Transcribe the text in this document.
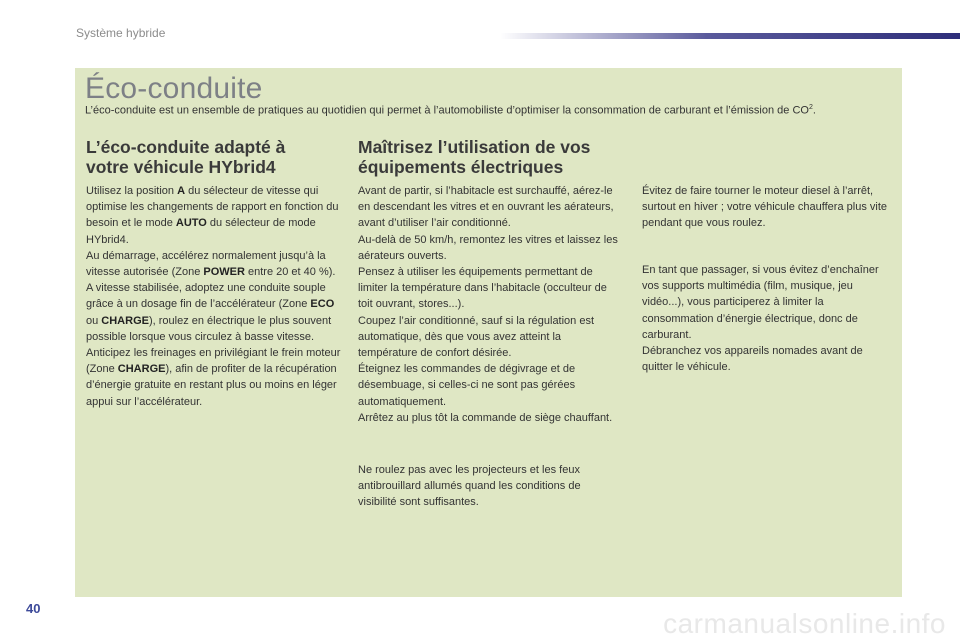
Système hybride
Éco-conduite
L’éco-conduite est un ensemble de pratiques au quotidien qui permet à l’automobiliste d’optimiser la consommation de carburant et l’émission de $CO^2$.
L’éco-conduite adapté à
votre véhicule HYbrid4

Utilisez la position A du sélecteur de vitesse qui optimise les changements de rapport en fonction du besoin et le mode AUTO du sélecteur de mode HYbrid4.

Au démarrage, accélérez normalement jusqu’à la vitesse autorisée (Zone POWER entre 20 et 40 %).

A vitesse stabilisée, adoptez une conduite souple grâce à un dosage fin de l’accélérateur (Zone ECO ou CHARGE), roulez en électrique le plus souvent possible lorsque vous circulez à basse vitesse.

Anticipez les freinages en privilégiant le frein moteur (Zone CHARGE), afin de profiter de la récupération d’énergie gratuite en restant plus ou moins en léger appui sur l’accélérateur.

Maîtrisez l’utilisation de vos
équipements électriques

Avant de partir, si l’habitacle est surchauffé, aérez-le en descendant les vitres et en ouvrant les aérateurs, avant d’utiliser l’air conditionné.

Au-delà de 50 km/h, remontez les vitres et laissez les aérateurs ouverts.

Pensez à utiliser les équipements permettant de limiter la température dans l’habitacle (occulteur de toit ouvrant, stores...).

Coupez l’air conditionné, sauf si la régulation est automatique, dès que vous avez atteint la température de confort désirée.

Éteignez les commandes de dégivrage et de désembuage, si celles-ci ne sont pas gérées automatiquement.

Arrêtez au plus tôt la commande de siège chauffant.

Ne roulez pas avec les projecteurs et les feux antibrouillard allumés quand les conditions de visibilité sont suffisantes.

Évitez de faire tourner le moteur diesel à l’arrêt, surtout en hiver ; votre véhicule chauffera plus vite pendant que vous roulez.

En tant que passager, si vous évitez d’enchaîner vos supports multimédia (film, musique, jeu vidéo...), vous participerez à limiter la consommation d’énergie électrique, donc de carburant.

Débranchez vos appareils nomades avant de quitter le véhicule.

40	carmanualsonline.info
